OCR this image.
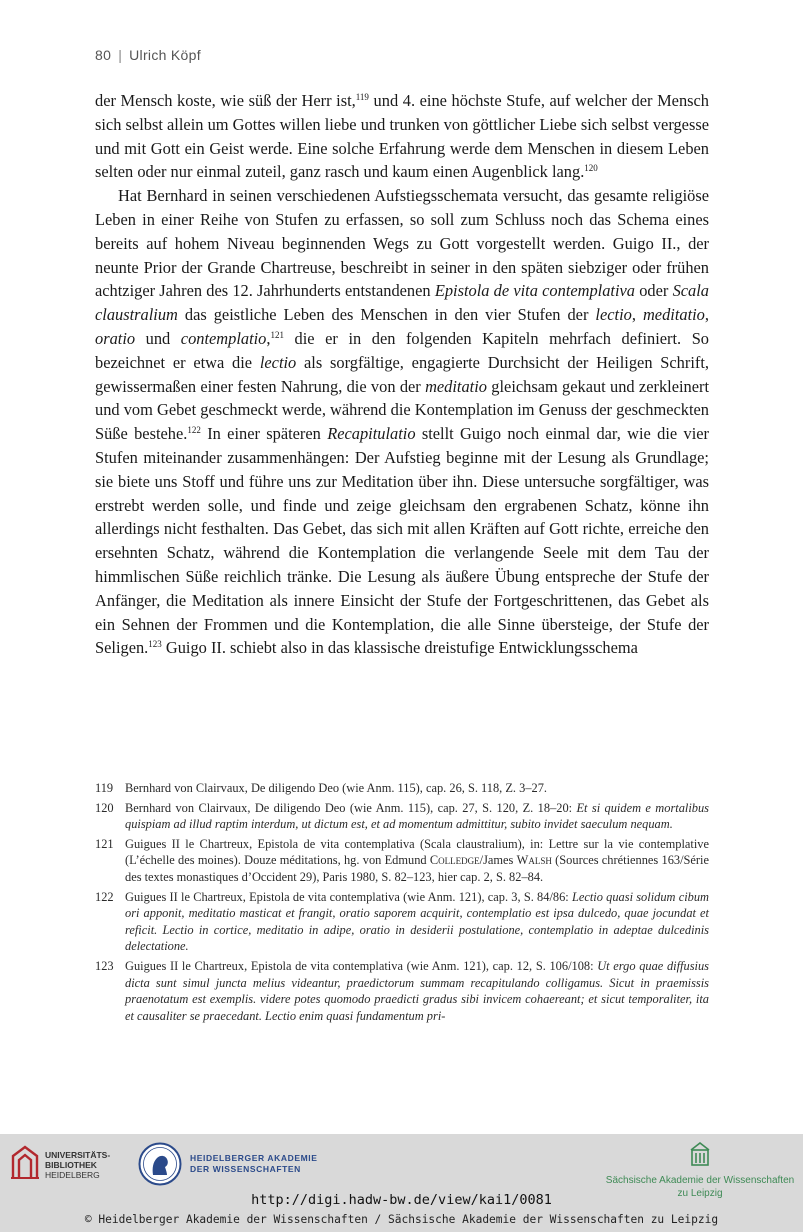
80 | Ulrich Köpf

der Mensch koste, wie süß der Herr ist,$^{119}$ und 4. eine höchste Stufe, auf welcher der Mensch sich selbst allein um Gottes willen liebe und trunken von göttlicher Liebe sich selbst vergesse und mit Gott ein Geist werde. Eine solche Erfahrung werde dem Menschen in diesem Leben selten oder nur einmal zuteil, ganz rasch und kaum einen Augenblick lang.$^{120}$

Hat Bernhard in seinen verschiedenen Aufstiegsschemata versucht, das gesamte religiöse Leben in einer Reihe von Stufen zu erfassen, so soll zum Schluss noch das Schema eines bereits auf hohem Niveau beginnenden Wegs zu Gott vorgestellt werden. Guigo II., der neunte Prior der Grande Chartreuse, beschreibt in seiner in den späten siebziger oder frühen achtziger Jahren des 12. Jahrhunderts entstandenen Epistola de vita contemplativa oder Scala claustralium das geistliche Leben des Menschen in den vier Stufen der lectio, meditatio, oratio und contemplatio,$^{121}$ die er in den folgenden Kapiteln mehrfach definiert. So bezeichnet er etwa die lectio als sorgfältige, engagierte Durchsicht der Heiligen Schrift, gewissermaßen einer festen Nahrung, die von der meditatio gleichsam gekaut und zerkleinert und vom Gebet geschmeckt werde, während die Kontemplation im Genuss der geschmeckten Süße bestehe.$^{122}$ In einer späteren Recapitulatio stellt Guigo noch einmal dar, wie die vier Stufen miteinander zusammenhängen: Der Aufstieg beginne mit der Lesung als Grundlage; sie biete uns Stoff und führe uns zur Meditation über ihn. Diese untersuche sorgfältiger, was erstrebt werden solle, und finde und zeige gleichsam den ergrabenen Schatz, könne ihn allerdings nicht festhalten. Das Gebet, das sich mit allen Kräften auf Gott richte, erreiche den ersehnten Schatz, während die Kontemplation die verlangende Seele mit dem Tau der himmlischen Süße reichlich tränke. Die Lesung als äußere Übung entspreche der Stufe der Anfänger, die Meditation als innere Einsicht der Stufe der Fortgeschrittenen, das Gebet als ein Sehnen der Frommen und die Kontemplation, die alle Sinne übersteige, der Stufe der Seligen.$^{123}$ Guigo II. schiebt also in das klassische dreistufige Entwicklungsschema

119 Bernhard von Clairvaux, De diligendo Deo (wie Anm. 115), cap. 26, S. 118, Z. 3–27.
120 Bernhard von Clairvaux, De diligendo Deo (wie Anm. 115), cap. 27, S. 120, Z. 18–20: Et si quidem e mortalibus quispiam ad illud raptim interdum, ut dictum est, et ad momentum admittitur, subito invidet saeculum nequam.
121 Guigues II le Chartreux, Epistola de vita contemplativa (Scala claustralium), in: Lettre sur la vie contemplative (L’échelle des moines). Douze méditations, hg. von Edmund Colledge/James Walsh (Sources chrétiennes 163/Série des textes monastiques d’Occident 29), Paris 1980, S. 82–123, hier cap. 2, S. 82–84.
122 Guigues II le Chartreux, Epistola de vita contemplativa (wie Anm. 121), cap. 3, S. 84/86: Lectio quasi solidum cibum ori apponit, meditatio masticat et frangit, oratio saporem acquirit, contemplatio est ipsa dulcedo, quae jocundat et reficit. Lectio in cortice, meditatio in adipe, oratio in desiderii postulatione, contemplatio in adeptae dulcedinis delectatione.
123 Guigues II le Chartreux, Epistola de vita contemplativa (wie Anm. 121), cap. 12, S. 106/108: Ut ergo quae diffusius dicta sunt simul juncta melius videantur, praedictorum summam recapitulando colligamus. Sicut in praemissis praenotatum est exemplis. videre potes quomodo praedicti gradus sibi invicem cohaereant; et sicut temporaliter, ita et causaliter se praecedant. Lectio enim quasi fundamentum pri-
UNIVERSITÄTS-
BIBLIOTHEK
HEIDELBERG
HEIDELBERGER AKADEMIE
DER WISSENSCHAFTEN
Sächsische Akademie der Wissenschaften
zu Leipzig
http://digi.hadw-bw.de/view/kai1/0081
© Heidelberger Akademie der Wissenschaften / Sächsische Akademie der Wissenschaften zu Leipzig
